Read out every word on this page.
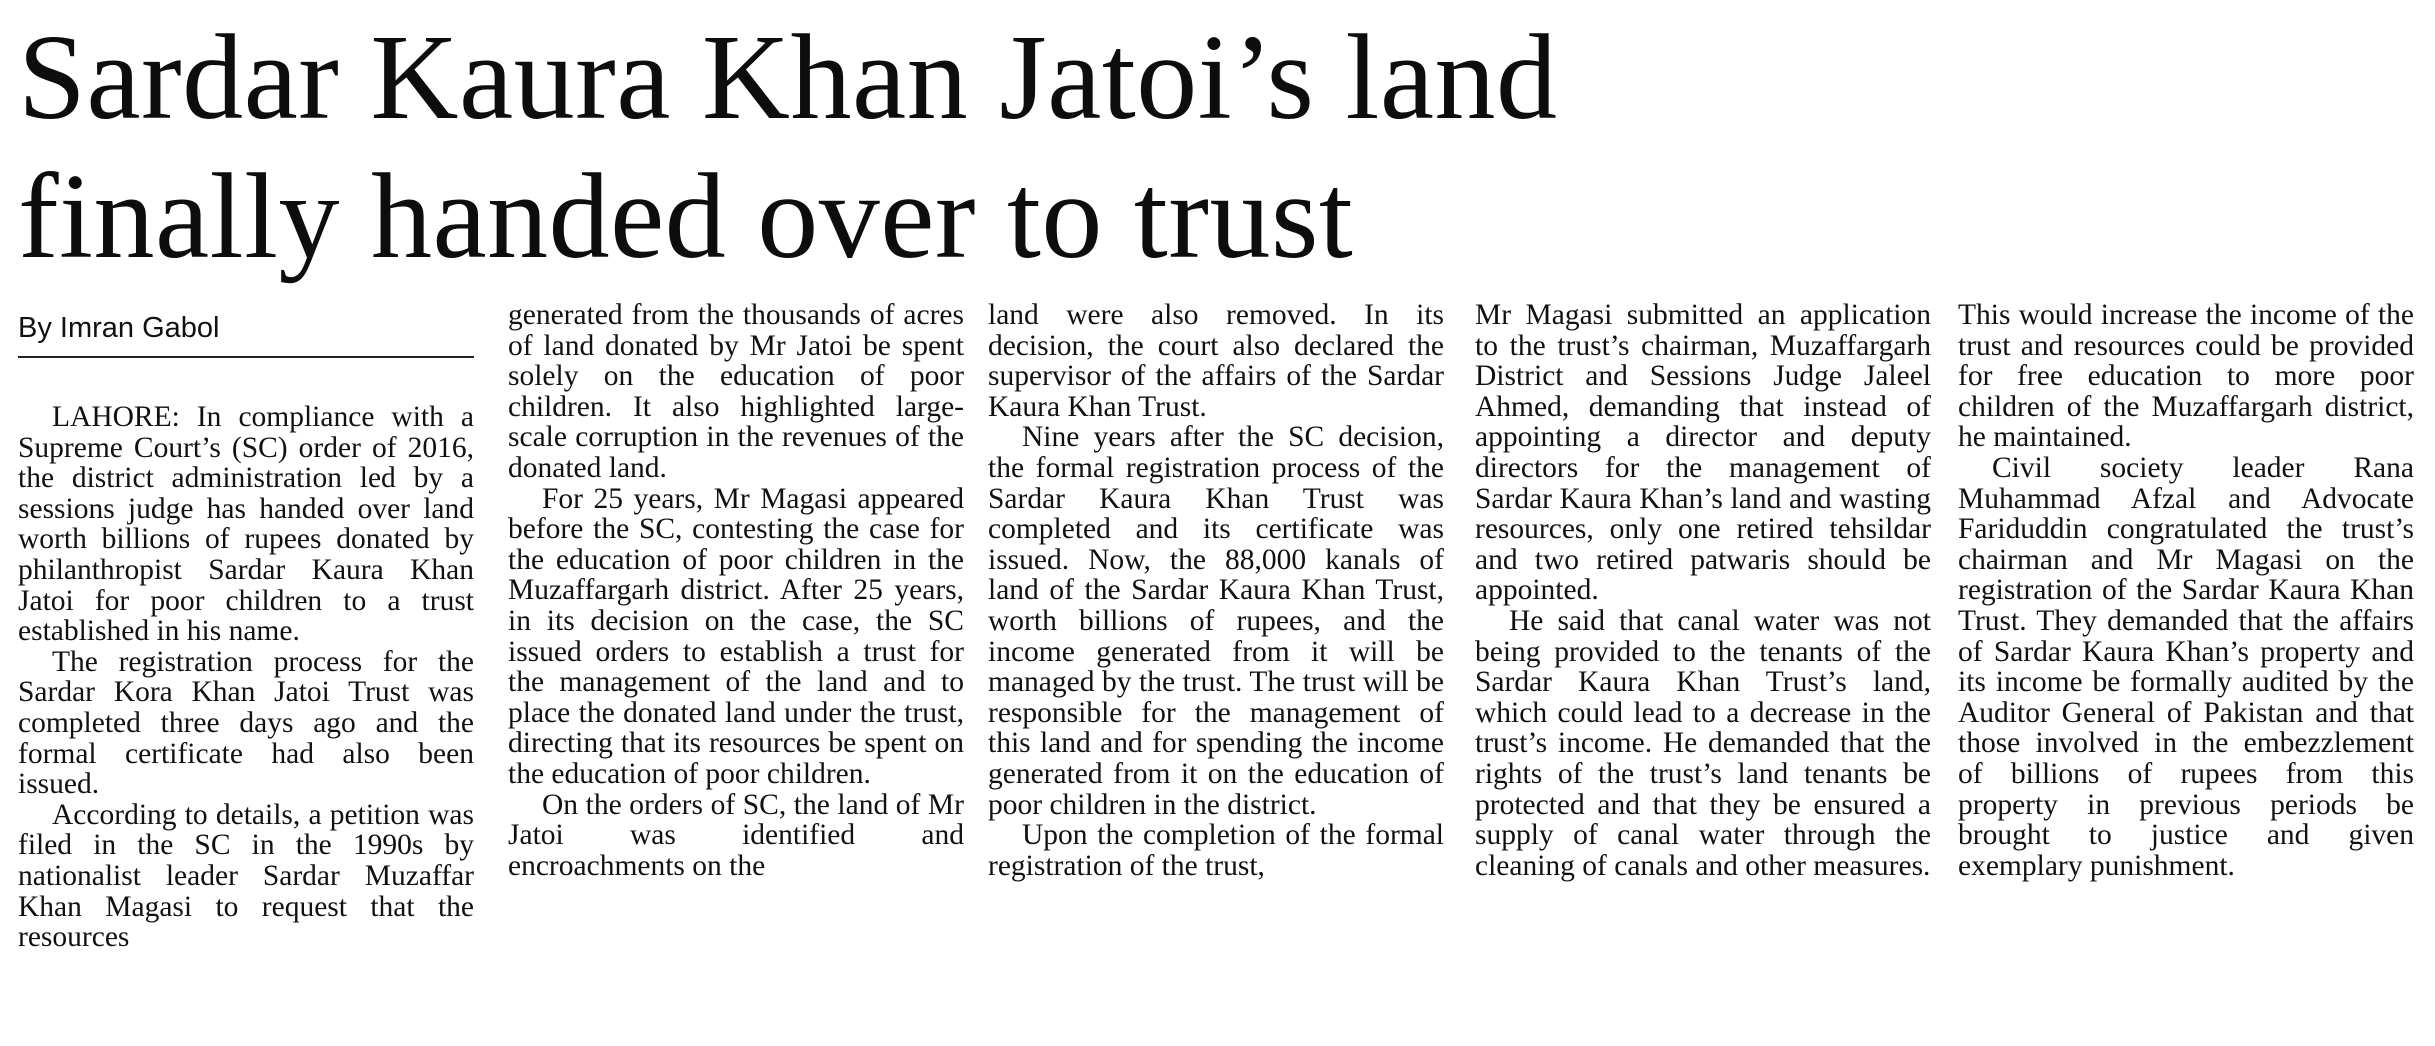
Sardar Kaura Khan Jatoi’s land
finally handed over to trust
By Imran Gabol

LAHORE: In compliance with a Supreme Court’s (SC) order of 2016, the district administration led by a sessions judge has handed over land worth billions of rupees donated by philanthropist Sardar Kaura Khan Jatoi for poor children to a trust established in his name.

The registration process for the Sardar Kora Khan Jatoi Trust was completed three days ago and the formal certificate had also been issued.

According to details, a petition was filed in the SC in the 1990s by nationalist leader Sardar Muzaffar Khan Magasi to request that the resources

generated from the thousands of acres of land donated by Mr Jatoi be spent solely on the education of poor children. It also highlighted large-scale corruption in the revenues of the donated land.

For 25 years, Mr Magasi appeared before the SC, contesting the case for the education of poor children in the Muzaffargarh district. After 25 years, in its decision on the case, the SC issued orders to establish a trust for the management of the land and to place the donated land under the trust, directing that its resources be spent on the education of poor children.

On the orders of SC, the land of Mr Jatoi was identified and encroachments on the

land were also removed. In its decision, the court also declared the supervisor of the affairs of the Sardar Kaura Khan Trust.

Nine years after the SC decision, the formal registration process of the Sardar Kaura Khan Trust was completed and its certificate was issued. Now, the 88,000 kanals of land of the Sardar Kaura Khan Trust, worth billions of rupees, and the income generated from it will be managed by the trust. The trust will be responsible for the management of this land and for spending the income generated from it on the education of poor children in the district.

Upon the completion of the formal registration of the trust,

Mr Magasi submitted an application to the trust’s chairman, Muzaffargarh District and Sessions Judge Jaleel Ahmed, demanding that instead of appointing a director and deputy directors for the management of Sardar Kaura Khan’s land and wasting resources, only one retired tehsildar and two retired patwaris should be appointed.

He said that canal water was not being provided to the tenants of the Sardar Kaura Khan Trust’s land, which could lead to a decrease in the trust’s income. He demanded that the rights of the trust’s land tenants be protected and that they be ensured a supply of canal water through the cleaning of canals and other measures.

This would increase the income of the trust and resources could be provided for free education to more poor children of the Muzaffargarh district, he maintained.

Civil society leader Rana Muhammad Afzal and Advocate Fariduddin congratulated the trust’s chairman and Mr Magasi on the registration of the Sardar Kaura Khan Trust. They demanded that the affairs of Sardar Kaura Khan’s property and its income be formally audited by the Auditor General of Pakistan and that those involved in the embezzlement of billions of rupees from this property in previous periods be brought to justice and given exemplary punishment.
